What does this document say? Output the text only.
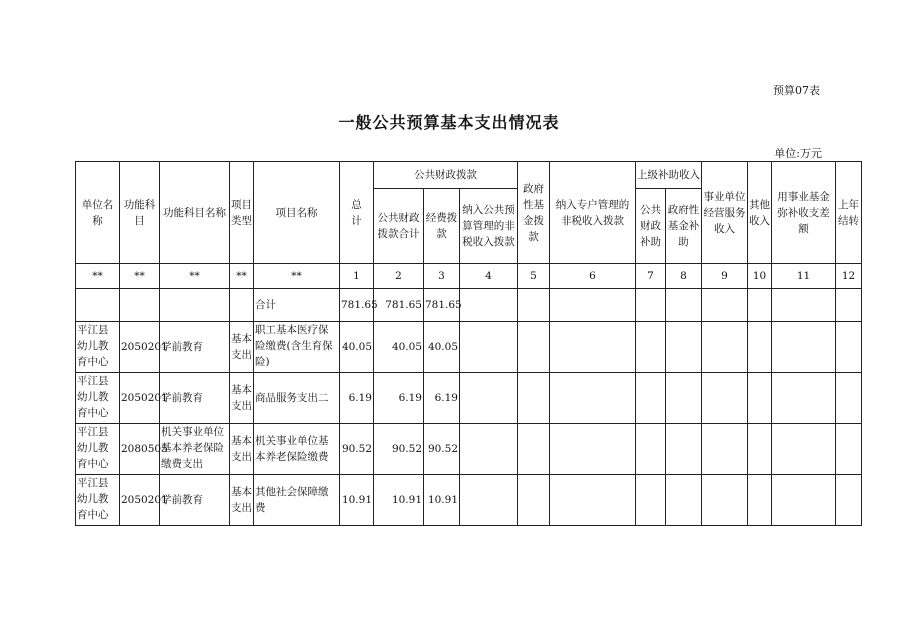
预算07表
一般公共预算基本支出情况表
单位:万元
单位名称	功能科目	功能科目名称	项目类型	项目名称	总　计	公共财政拨款			政府性基金拨款	纳入专户管理的非税收入拨款	上级补助收入		事业单位经营服务收入	其他收入	用事业基金弥补收支差额	上年结转
						公共财政拨款合计	经费拨款	纳入公共预算管理的非税收入拨款			公共财政补助	政府性基金补助				
**	**	**	**	**	1	2	3	4	5	6	7	8	9	10	11	12
				合计	781.65	781.65	781.65									
平江县幼儿教育中心	2050201	学前教育	基本支出	职工基本医疗保险缴费(含生育保险)	40.05	40.05	40.05									
平江县幼儿教育中心	2050201	学前教育	基本支出	商品服务支出二	6.19	6.19	6.19									
平江县幼儿教育中心	2080505	机关事业单位基本养老保险缴费支出	基本支出	机关事业单位基本养老保险缴费	90.52	90.52	90.52									
平江县幼儿教育中心	2050201	学前教育	基本支出	其他社会保障缴费	10.91	10.91	10.91									
